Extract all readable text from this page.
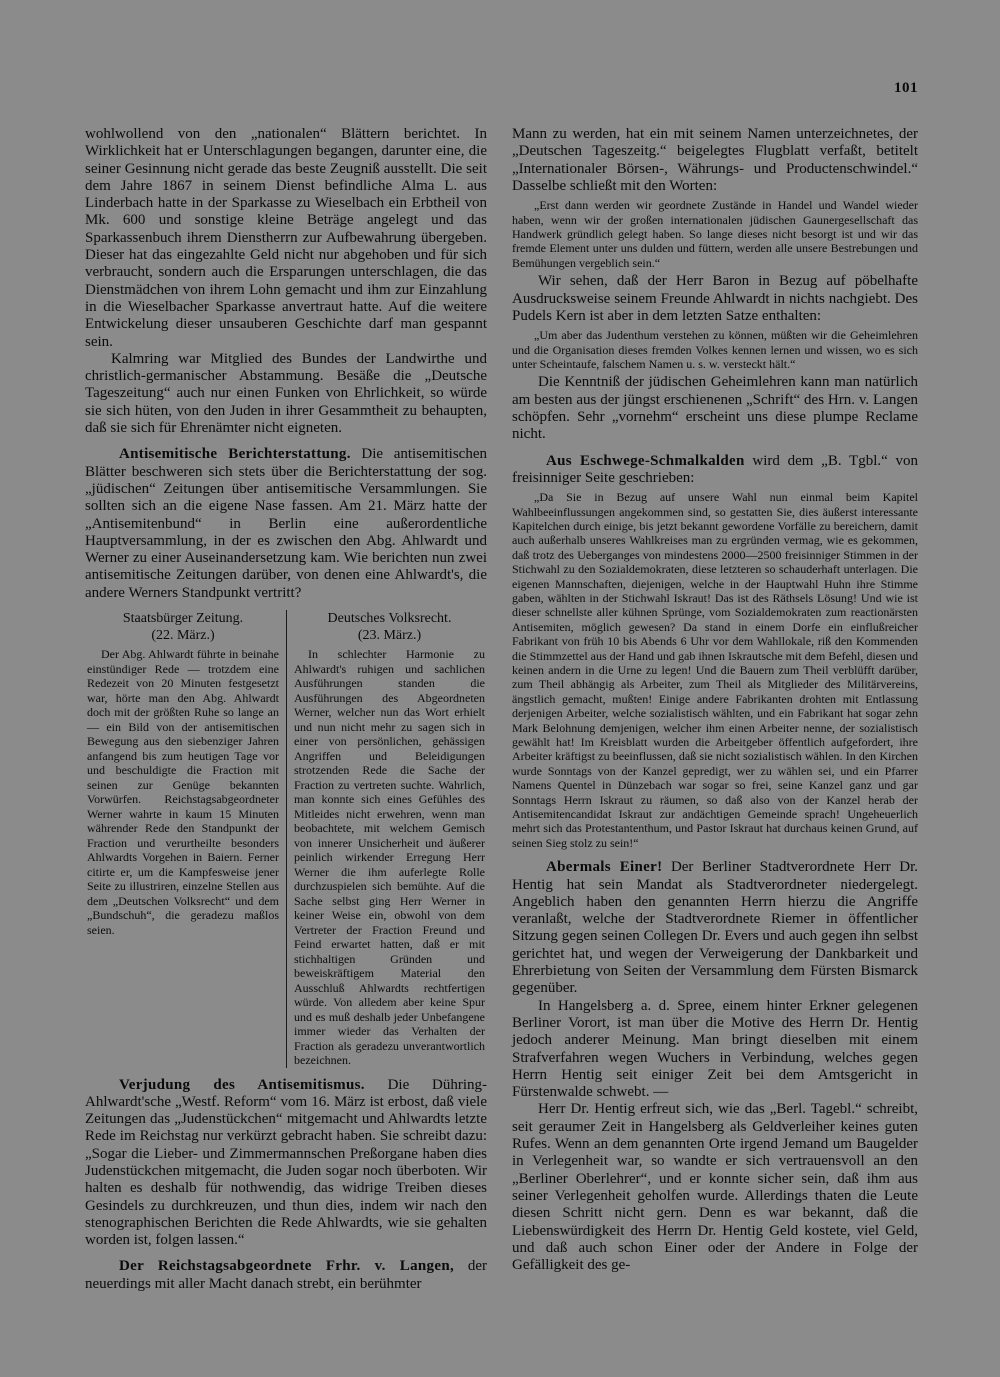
101

wohlwollend von den „nationalen“ Blättern berichtet. In Wirklichkeit hat er Unterschlagungen begangen, darunter eine, die seiner Gesinnung nicht gerade das beste Zeugniß ausstellt. Die seit dem Jahre 1867 in seinem Dienst befindliche Alma L. aus Linderbach hatte in der Sparkasse zu Wieselbach ein Erbtheil von Mk. 600 und sonstige kleine Beträge angelegt und das Sparkassenbuch ihrem Dienstherrn zur Aufbewahrung übergeben. Dieser hat das eingezahlte Geld nicht nur abgehoben und für sich verbraucht, sondern auch die Ersparungen unterschlagen, die das Dienstmädchen von ihrem Lohn gemacht und ihm zur Einzahlung in die Wieselbacher Sparkasse anvertraut hatte. Auf die weitere Entwickelung dieser unsauberen Geschichte darf man gespannt sein.

Kalmring war Mitglied des Bundes der Landwirthe und christlich-germanischer Abstammung. Besäße die „Deutsche Tageszeitung“ auch nur einen Funken von Ehrlichkeit, so würde sie sich hüten, von den Juden in ihrer Gesammtheit zu behaupten, daß sie sich für Ehrenämter nicht eigneten.

Antisemitische Berichterstattung. Die antisemitischen Blätter beschweren sich stets über die Berichterstattung der sog. „jüdischen“ Zeitungen über antisemitische Versammlungen. Sie sollten sich an die eigene Nase fassen. Am 21. März hatte der „Antisemitenbund“ in Berlin eine außerordentliche Hauptversammlung, in der es zwischen den Abg. Ahlwardt und Werner zu einer Auseinandersetzung kam. Wie berichten nun zwei antisemitische Zeitungen darüber, von denen eine Ahlwardt's, die andere Werners Standpunkt vertritt?

Staatsbürger Zeitung.
(22. März.)

Der Abg. Ahlwardt führte in beinahe einstündiger Rede — trotzdem eine Redezeit von 20 Minuten festgesetzt war, hörte man den Abg. Ahlwardt doch mit der größten Ruhe so lange an — ein Bild von der antisemitischen Bewegung aus den siebenziger Jahren anfangend bis zum heutigen Tage vor und beschuldigte die Fraction mit seinen zur Genüge bekannten Vorwürfen. Reichstagsabgeordneter Werner wahrte in kaum 15 Minuten währender Rede den Standpunkt der Fraction und verurtheilte besonders Ahlwardts Vorgehen in Baiern. Ferner citirte er, um die Kampfesweise jener Seite zu illustriren, einzelne Stellen aus dem „Deutschen Volksrecht“ und dem „Bundschuh“, die geradezu maßlos seien.

Deutsches Volksrecht.
(23. März.)

In schlechter Harmonie zu Ahlwardt's ruhigen und sachlichen Ausführungen standen die Ausführungen des Abgeordneten Werner, welcher nun das Wort erhielt und nun nicht mehr zu sagen sich in einer von persönlichen, gehässigen Angriffen und Beleidigungen strotzenden Rede die Sache der Fraction zu vertreten suchte. Wahrlich, man konnte sich eines Gefühles des Mitleides nicht erwehren, wenn man beobachtete, mit welchem Gemisch von innerer Unsicherheit und äußerer peinlich wirkender Erregung Herr Werner die ihm auferlegte Rolle durchzuspielen sich bemühte. Auf die Sache selbst ging Herr Werner in keiner Weise ein, obwohl von dem Vertreter der Fraction Freund und Feind erwartet hatten, daß er mit stichhaltigen Gründen und beweiskräftigem Material den Ausschluß Ahlwardts rechtfertigen würde. Von alledem aber keine Spur und es muß deshalb jeder Unbefangene immer wieder das Verhalten der Fraction als geradezu unverantwortlich bezeichnen.

Verjudung des Antisemitismus. Die Dühring-Ahlwardt'sche „Westf. Reform“ vom 16. März ist erbost, daß viele Zeitungen das „Judenstückchen“ mitgemacht und Ahlwardts letzte Rede im Reichstag nur verkürzt gebracht haben. Sie schreibt dazu: „Sogar die Lieber- und Zimmermannschen Preßorgane haben dies Judenstückchen mitgemacht, die Juden sogar noch überboten. Wir halten es deshalb für nothwendig, das widrige Treiben dieses Gesindels zu durchkreuzen, und thun dies, indem wir nach den stenographischen Berichten die Rede Ahlwardts, wie sie gehalten worden ist, folgen lassen.“

Der Reichstagsabgeordnete Frhr. v. Langen, der neuerdings mit aller Macht danach strebt, ein berühmter

Mann zu werden, hat ein mit seinem Namen unterzeichnetes, der „Deutschen Tageszeitg.“ beigelegtes Flugblatt verfaßt, betitelt „Internationaler Börsen-, Währungs- und Productenschwindel.“ Dasselbe schließt mit den Worten:

„Erst dann werden wir geordnete Zustände in Handel und Wandel wieder haben, wenn wir der großen internationalen jüdischen Gaunergesellschaft das Handwerk gründlich gelegt haben. So lange dieses nicht besorgt ist und wir das fremde Element unter uns dulden und füttern, werden alle unsere Bestrebungen und Bemühungen vergeblich sein.“

Wir sehen, daß der Herr Baron in Bezug auf pöbelhafte Ausdrucksweise seinem Freunde Ahlwardt in nichts nachgiebt. Des Pudels Kern ist aber in dem letzten Satze enthalten:

„Um aber das Judenthum verstehen zu können, müßten wir die Geheimlehren und die Organisation dieses fremden Volkes kennen lernen und wissen, wo es sich unter Scheintaufe, falschem Namen u. s. w. versteckt hält.“

Die Kenntniß der jüdischen Geheimlehren kann man natürlich am besten aus der jüngst erschienenen „Schrift“ des Hrn. v. Langen schöpfen. Sehr „vornehm“ erscheint uns diese plumpe Reclame nicht.

Aus Eschwege-Schmalkalden wird dem „B. Tgbl.“ von freisinniger Seite geschrieben:

„Da Sie in Bezug auf unsere Wahl nun einmal beim Kapitel Wahlbeeinflussungen angekommen sind, so gestatten Sie, dies äußerst interessante Kapitelchen durch einige, bis jetzt bekannt gewordene Vorfälle zu bereichern, damit auch außerhalb unseres Wahlkreises man zu ergründen vermag, wie es gekommen, daß trotz des Ueberganges von mindestens 2000—2500 freisinniger Stimmen in der Stichwahl zu den Sozialdemokraten, diese letzteren so schauderhaft unterlagen. Die eigenen Mannschaften, diejenigen, welche in der Hauptwahl Huhn ihre Stimme gaben, wählten in der Stichwahl Iskraut! Das ist des Räthsels Lösung! Und wie ist dieser schnellste aller kühnen Sprünge, vom Sozialdemokraten zum reactionärsten Antisemiten, möglich gewesen? Da stand in einem Dorfe ein einflußreicher Fabrikant von früh 10 bis Abends 6 Uhr vor dem Wahllokale, riß den Kommenden die Stimmzettel aus der Hand und gab ihnen Iskrautsche mit dem Befehl, diesen und keinen andern in die Urne zu legen! Und die Bauern zum Theil verblüfft darüber, zum Theil abhängig als Arbeiter, zum Theil als Mitglieder des Militärvereins, ängstlich gemacht, mußten! Einige andere Fabrikanten drohten mit Entlassung derjenigen Arbeiter, welche sozialistisch wählten, und ein Fabrikant hat sogar zehn Mark Belohnung demjenigen, welcher ihm einen Arbeiter nenne, der sozialistisch gewählt hat! Im Kreisblatt wurden die Arbeitgeber öffentlich aufgefordert, ihre Arbeiter kräftigst zu beeinflussen, daß sie nicht sozialistisch wählen. In den Kirchen wurde Sonntags von der Kanzel gepredigt, wer zu wählen sei, und ein Pfarrer Namens Quentel in Dünzebach war sogar so frei, seine Kanzel ganz und gar Sonntags Herrn Iskraut zu räumen, so daß also von der Kanzel herab der Antisemitencandidat Iskraut zur andächtigen Gemeinde sprach! Ungeheuerlich mehrt sich das Protestantenthum, und Pastor Iskraut hat durchaus keinen Grund, auf seinen Sieg stolz zu sein!“

Abermals Einer! Der Berliner Stadtverordnete Herr Dr. Hentig hat sein Mandat als Stadtverordneter niedergelegt. Angeblich haben den genannten Herrn hierzu die Angriffe veranlaßt, welche der Stadtverordnete Riemer in öffentlicher Sitzung gegen seinen Collegen Dr. Evers und auch gegen ihn selbst gerichtet hat, und wegen der Verweigerung der Dankbarkeit und Ehrerbietung von Seiten der Versammlung dem Fürsten Bismarck gegenüber.

In Hangelsberg a. d. Spree, einem hinter Erkner gelegenen Berliner Vorort, ist man über die Motive des Herrn Dr. Hentig jedoch anderer Meinung. Man bringt dieselben mit einem Strafverfahren wegen Wuchers in Verbindung, welches gegen Herrn Hentig seit einiger Zeit bei dem Amtsgericht in Fürstenwalde schwebt. —

Herr Dr. Hentig erfreut sich, wie das „Berl. Tagebl.“ schreibt, seit geraumer Zeit in Hangelsberg als Geldverleiher keines guten Rufes. Wenn an dem genannten Orte irgend Jemand um Baugelder in Verlegenheit war, so wandte er sich vertrauensvoll an den „Berliner Oberlehrer“, und er konnte sicher sein, daß ihm aus seiner Verlegenheit geholfen wurde. Allerdings thaten die Leute diesen Schritt nicht gern. Denn es war bekannt, daß die Liebenswürdigkeit des Herrn Dr. Hentig Geld kostete, viel Geld, und daß auch schon Einer oder der Andere in Folge der Gefälligkeit des ge-
